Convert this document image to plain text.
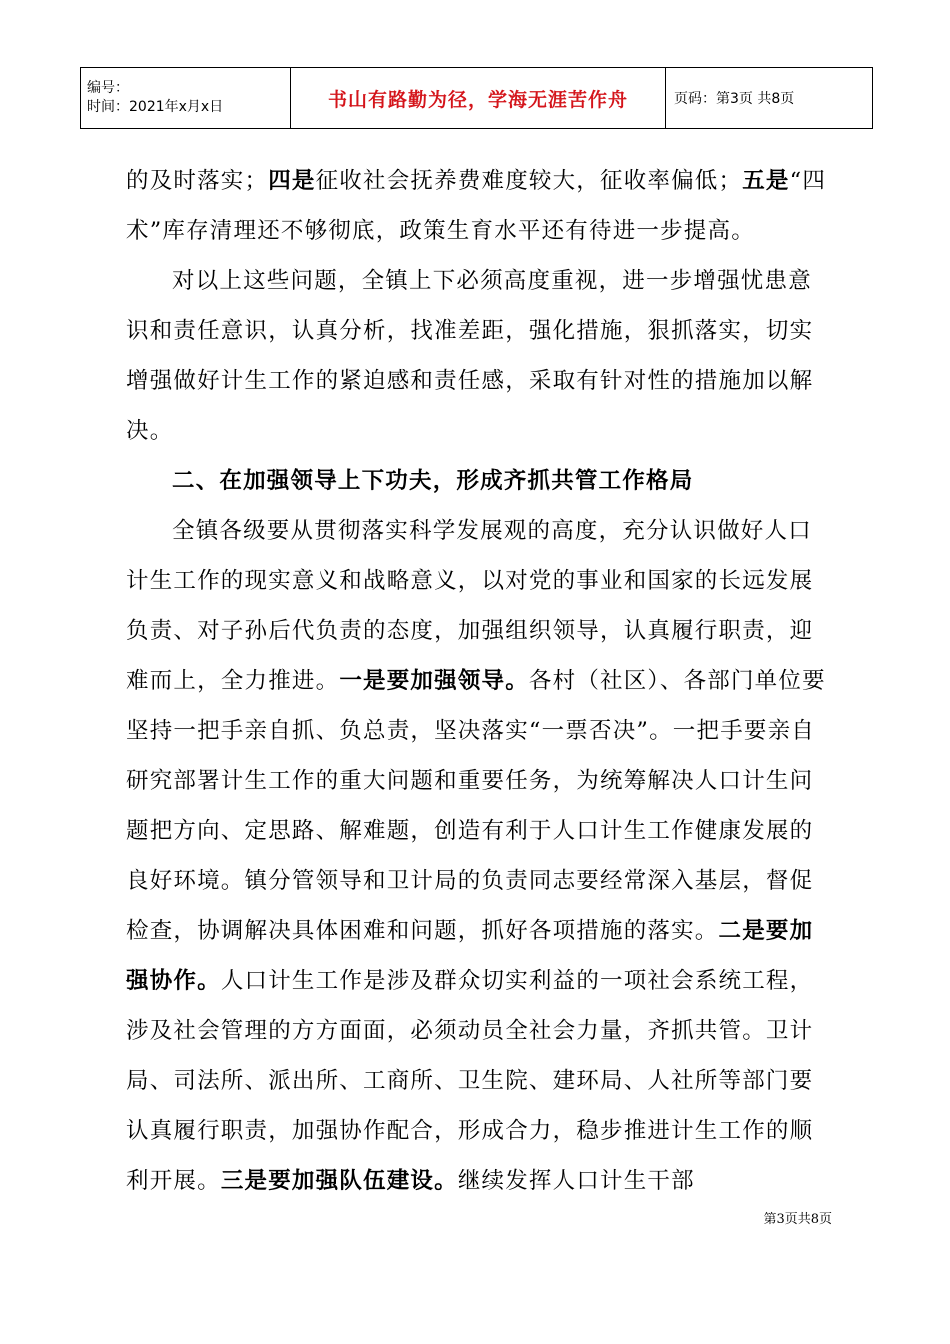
编号：
时间：2021年x月x日	书山有路勤为径，学海无涯苦作舟	页码：第3页 共8页

的及时落实；四是征收社会抚养费难度较大，征收率偏低；五是“四术”库存清理还不够彻底，政策生育水平还有待进一步提高。

对以上这些问题，全镇上下必须高度重视，进一步增强忧患意识和责任意识，认真分析，找准差距，强化措施，狠抓落实，切实增强做好计生工作的紧迫感和责任感，采取有针对性的措施加以解决。

二、在加强领导上下功夫，形成齐抓共管工作格局

全镇各级要从贯彻落实科学发展观的高度，充分认识做好人口计生工作的现实意义和战略意义，以对党的事业和国家的长远发展负责、对子孙后代负责的态度，加强组织领导，认真履行职责，迎难而上，全力推进。一是要加强领导。各村（社区）、各部门单位要坚持一把手亲自抓、负总责，坚决落实“一票否决”。一把手要亲自研究部署计生工作的重大问题和重要任务，为统筹解决人口计生问题把方向、定思路、解难题，创造有利于人口计生工作健康发展的良好环境。镇分管领导和卫计局的负责同志要经常深入基层，督促检查，协调解决具体困难和问题，抓好各项措施的落实。二是要加强协作。人口计生工作是涉及群众切实利益的一项社会系统工程，涉及社会管理的方方面面，必须动员全社会力量，齐抓共管。卫计局、司法所、派出所、工商所、卫生院、建环局、人社所等部门要认真履行职责，加强协作配合，形成合力，稳步推进计生工作的顺利开展。三是要加强队伍建设。继续发挥人口计生干部

第3页共8页
